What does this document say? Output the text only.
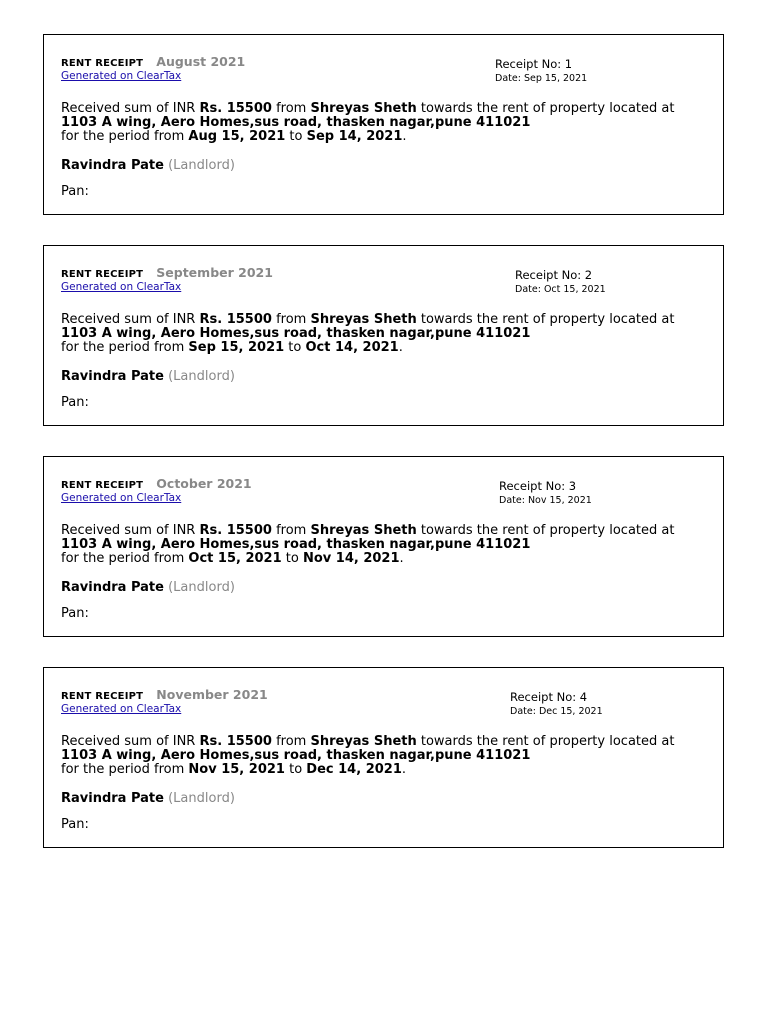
RENT RECEIPT August 2021
Generated on ClearTax
Receipt No: 1
Date: Sep 15, 2021
Received sum of INR Rs. 15500 from Shreyas Sheth towards the rent of property located at 1103 A wing, Aero Homes,sus road, thasken nagar,pune 411021
for the period from Aug 15, 2021 to Sep 14, 2021.
Ravindra Pate (Landlord)
Pan:
RENT RECEIPT September 2021
Generated on ClearTax
Receipt No: 2
Date: Oct 15, 2021
Received sum of INR Rs. 15500 from Shreyas Sheth towards the rent of property located at 1103 A wing, Aero Homes,sus road, thasken nagar,pune 411021
for the period from Sep 15, 2021 to Oct 14, 2021.
Ravindra Pate (Landlord)
Pan:
RENT RECEIPT October 2021
Generated on ClearTax
Receipt No: 3
Date: Nov 15, 2021
Received sum of INR Rs. 15500 from Shreyas Sheth towards the rent of property located at 1103 A wing, Aero Homes,sus road, thasken nagar,pune 411021
for the period from Oct 15, 2021 to Nov 14, 2021.
Ravindra Pate (Landlord)
Pan:
RENT RECEIPT November 2021
Generated on ClearTax
Receipt No: 4
Date: Dec 15, 2021
Received sum of INR Rs. 15500 from Shreyas Sheth towards the rent of property located at 1103 A wing, Aero Homes,sus road, thasken nagar,pune 411021
for the period from Nov 15, 2021 to Dec 14, 2021.
Ravindra Pate (Landlord)
Pan:
